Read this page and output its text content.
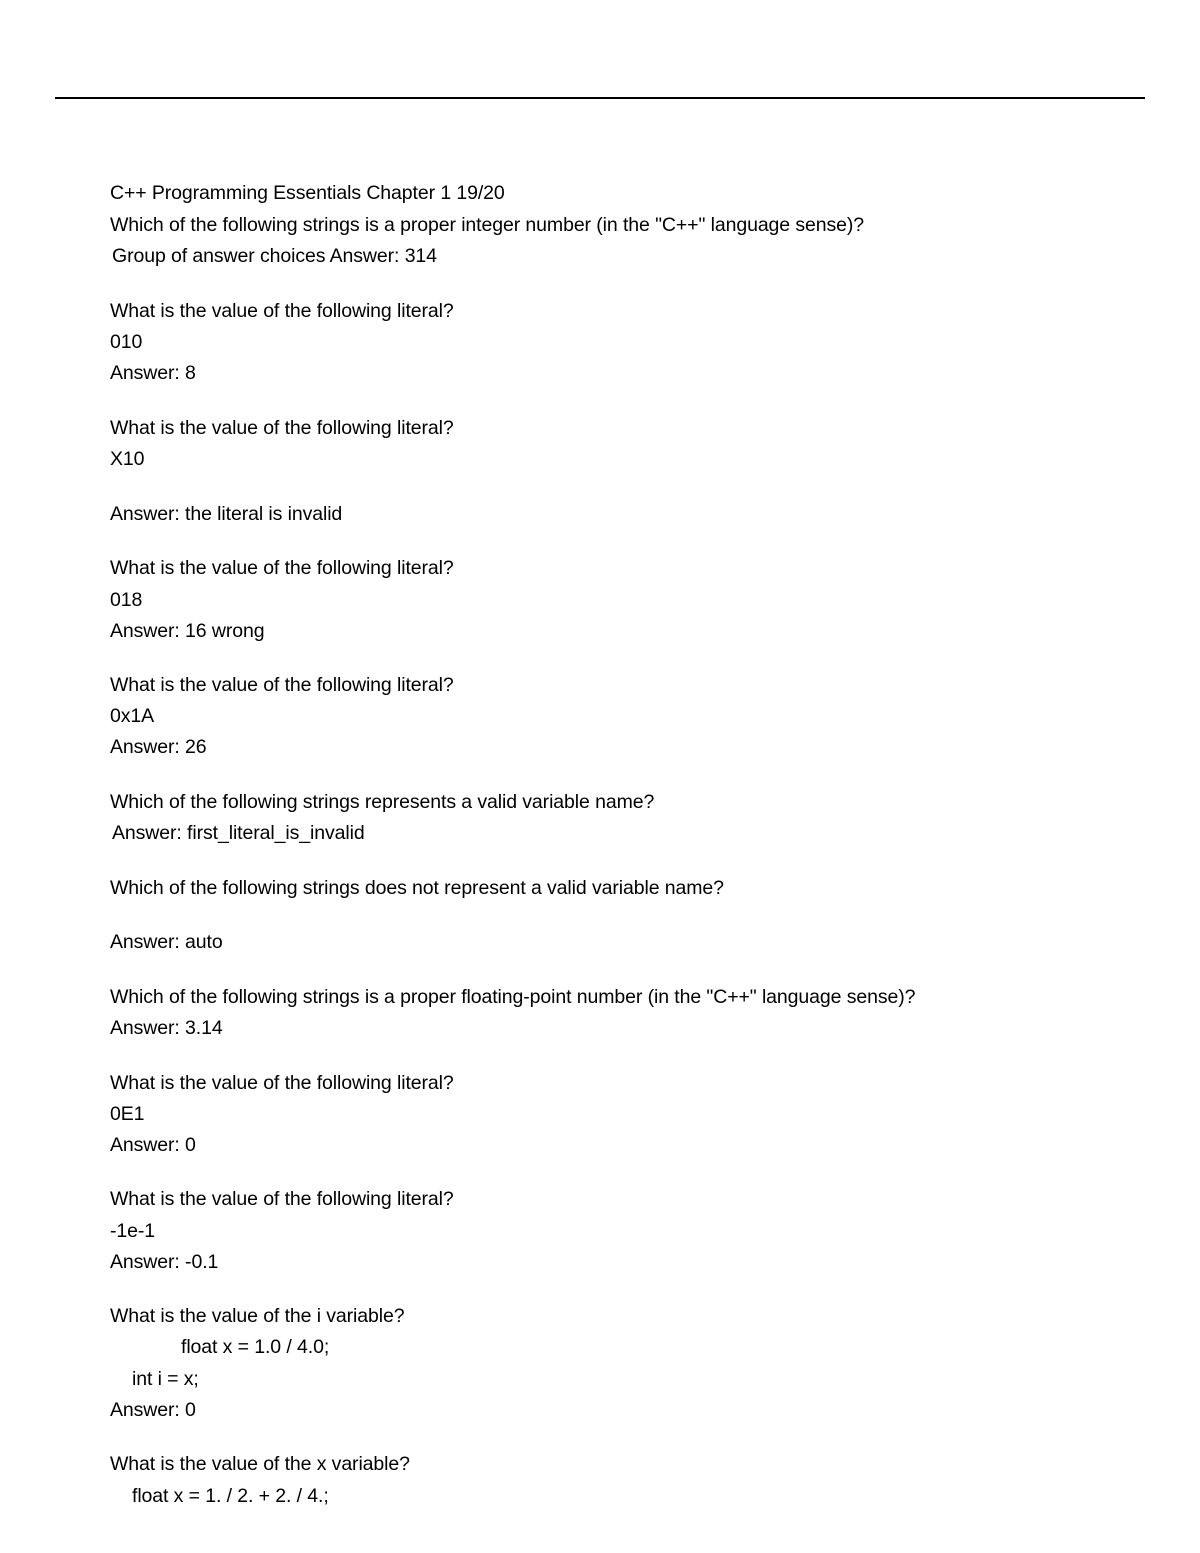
C++ Programming Essentials Chapter 1 19/20
Which of the following strings is a proper integer number (in the "C++" language sense)?
Group of answer choices Answer: 314
What is the value of the following literal?
010
Answer: 8
What is the value of the following literal?
X10
Answer: the literal is invalid
What is the value of the following literal?
018
Answer: 16 wrong
What is the value of the following literal?
0x1A
Answer: 26
Which of the following strings represents a valid variable name?
Answer: first_literal_is_invalid
Which of the following strings does not represent a valid variable name?
Answer: auto
Which of the following strings is a proper floating-point number (in the "C++" language sense)?
Answer: 3.14
What is the value of the following literal?
0E1
Answer: 0
What is the value of the following literal?
-1e-1
Answer: -0.1
What is the value of the i variable?
float x = 1.0 / 4.0;
int i = x;
Answer: 0
What is the value of the x variable?
float x = 1. / 2. + 2. / 4.;
